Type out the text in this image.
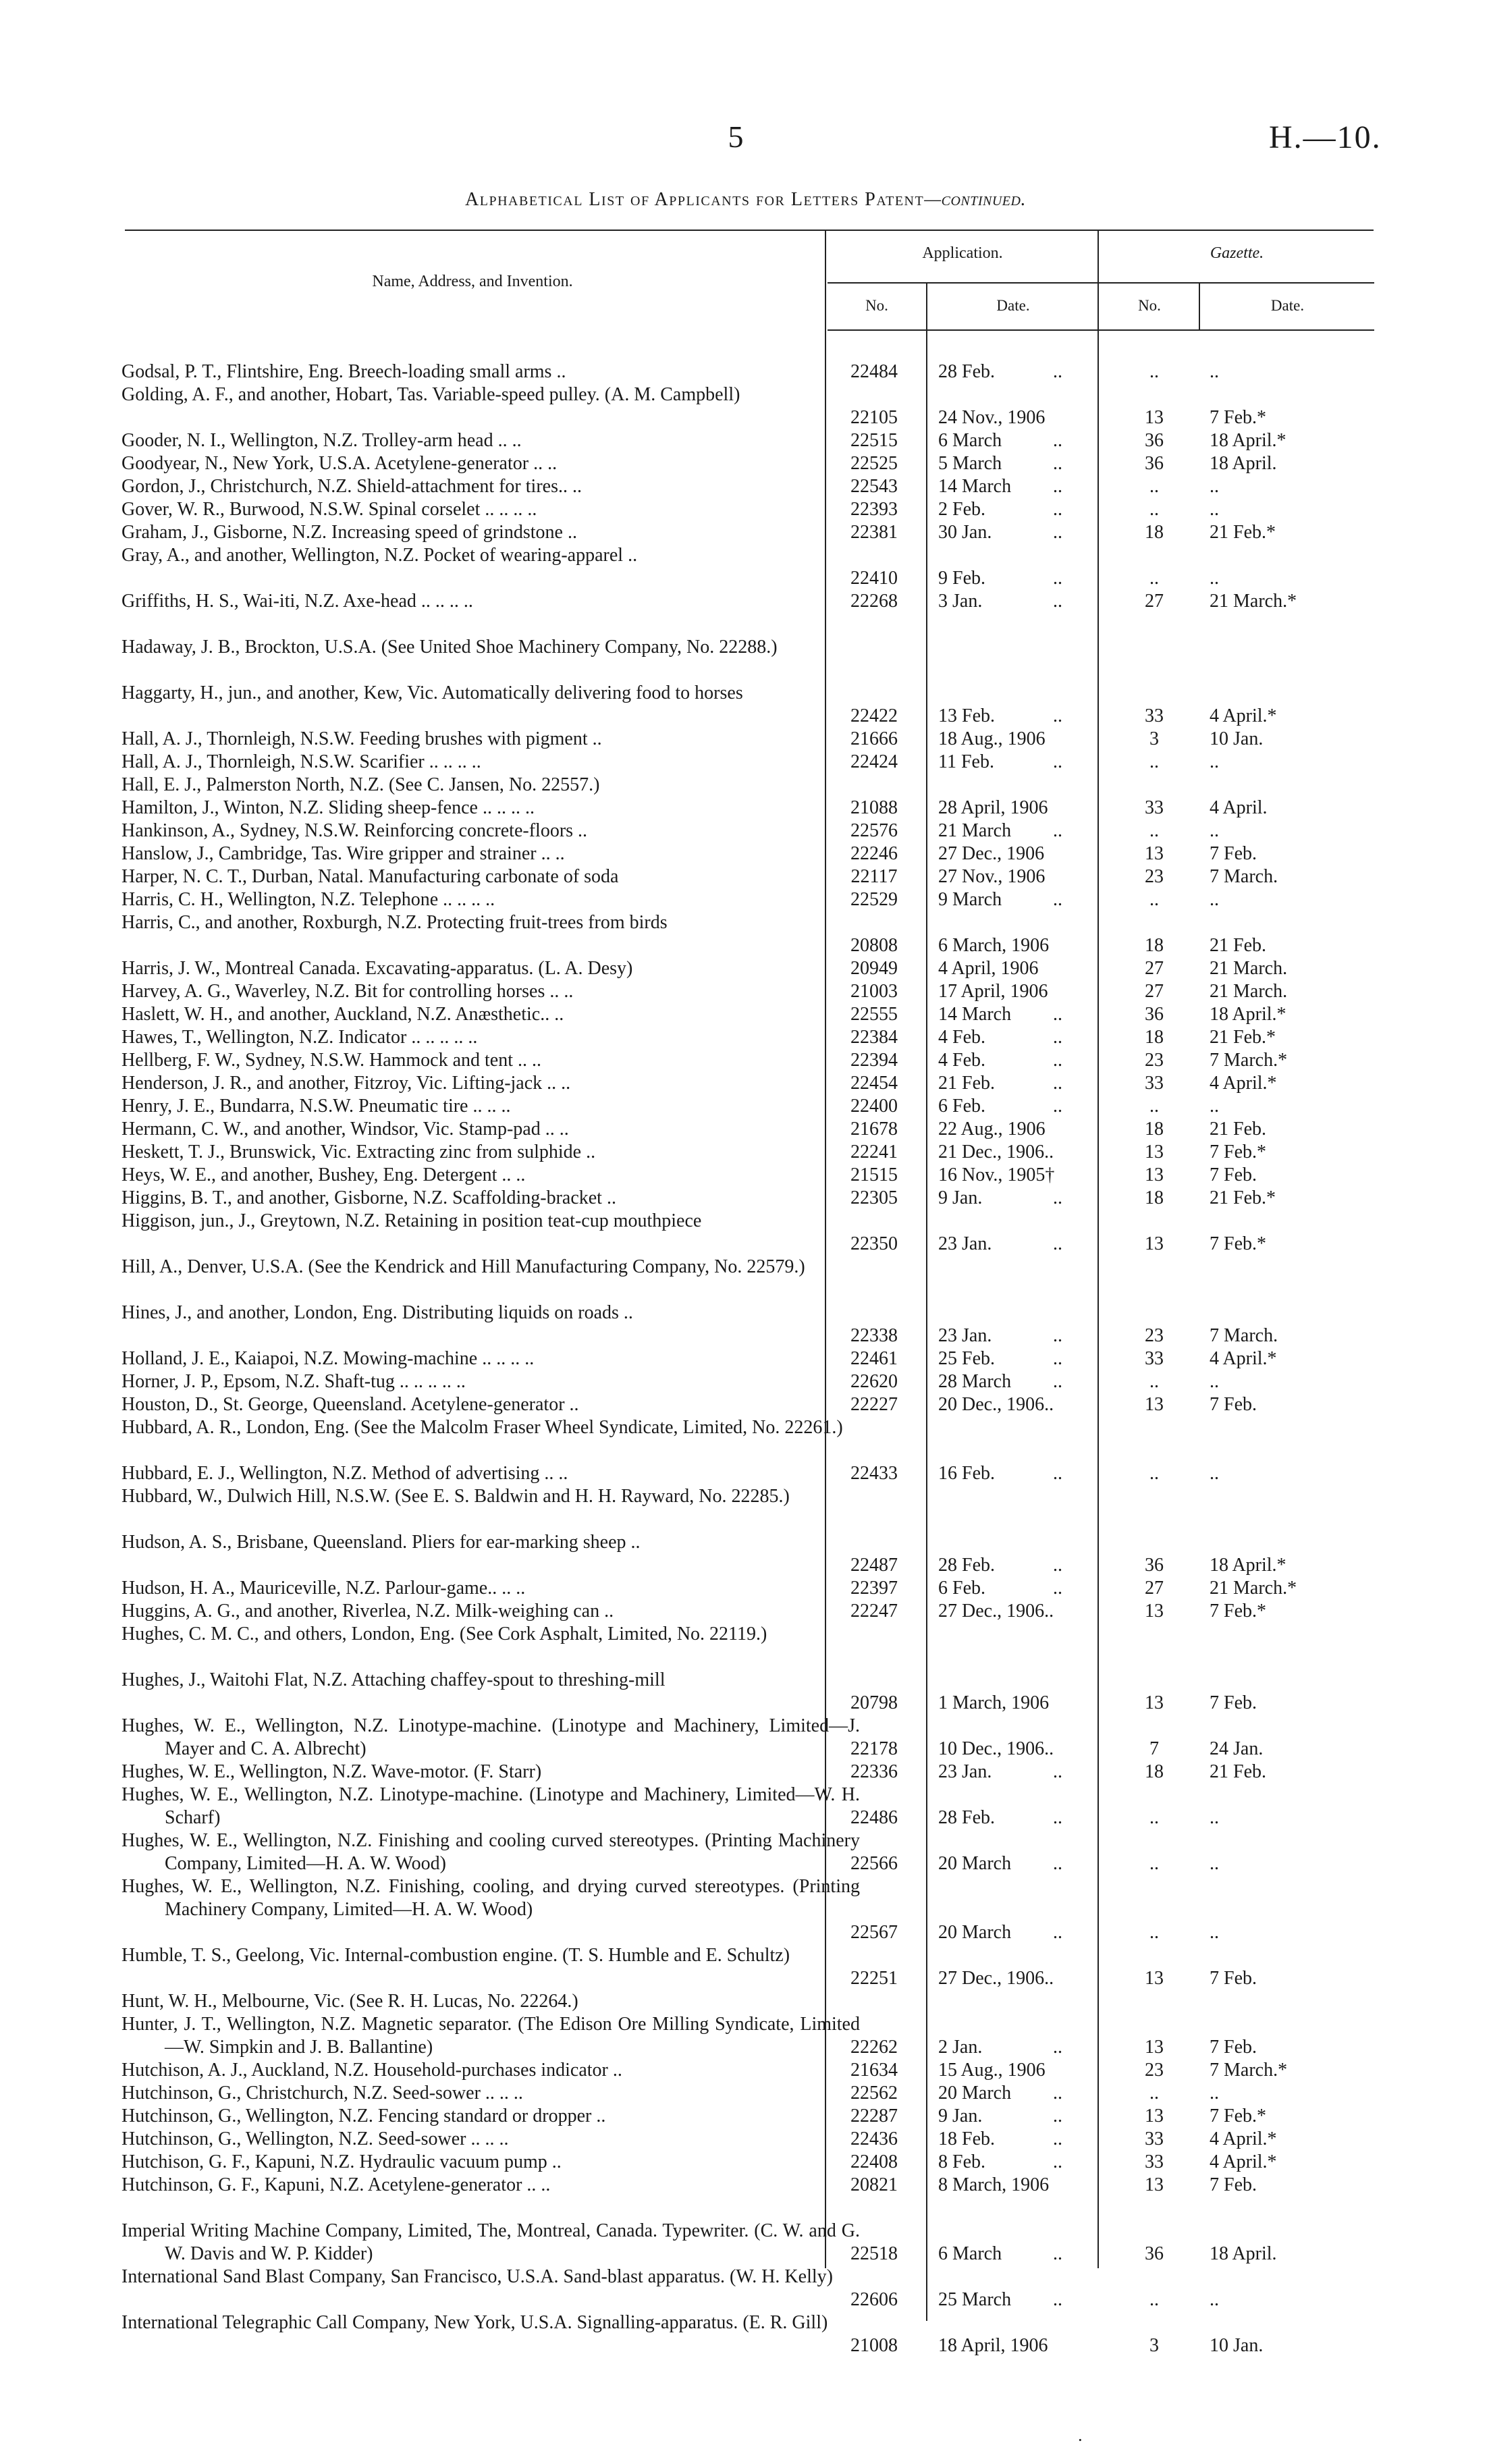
5	H.—10.
Alphabetical List of Applicants for Letters Patent—continued.
Name, Address, and Invention.
Application.	Gazette.
No.	Date.	No.	Date.
Godsal, P. T., Flintshire, Eng. Breech-loading small arms ..	22484	28 Feb.	..	..	..
Golding, A. F., and another, Hobart, Tas. Variable-speed pulley. (A. M. Campbell)
22105	24 Nov., 1906	13	7 Feb.*
Gooder, N. I., Wellington, N.Z. Trolley-arm head .. ..	22515	6 March	..	36	18 April.*
Goodyear, N., New York, U.S.A. Acetylene-generator .. ..	22525	5 March	..	36	18 April.
Gordon, J., Christchurch, N.Z. Shield-attachment for tires.. ..	22543	14 March	..	..	..
Gover, W. R., Burwood, N.S.W. Spinal corselet .. .. .. ..	22393	2 Feb.	..	..	..
Graham, J., Gisborne, N.Z. Increasing speed of grindstone ..	22381	30 Jan.	..	18	21 Feb.*
Gray, A., and another, Wellington, N.Z. Pocket of wearing-apparel ..
22410	9 Feb.	..	..	..
Griffiths, H. S., Wai-iti, N.Z. Axe-head .. .. .. ..	22268	3 Jan.	..	27	21 March.*
Hadaway, J. B., Brockton, U.S.A. (See United Shoe Machinery Company, No. 22288.)
Haggarty, H., jun., and another, Kew, Vic. Automatically delivering food to horses
22422	13 Feb.	..	33	4 April.*
Hall, A. J., Thornleigh, N.S.W. Feeding brushes with pigment ..	21666	18 Aug., 1906	3	10 Jan.
Hall, A. J., Thornleigh, N.S.W. Scarifier .. .. .. ..	22424	11 Feb.	..	..	..
Hall, E. J., Palmerston North, N.Z. (See C. Jansen, No. 22557.)
Hamilton, J., Winton, N.Z. Sliding sheep-fence .. .. .. ..	21088	28 April, 1906	33	4 April.
Hankinson, A., Sydney, N.S.W. Reinforcing concrete-floors ..	22576	21 March	..	..	..
Hanslow, J., Cambridge, Tas. Wire gripper and strainer .. ..	22246	27 Dec., 1906	13	7 Feb.
Harper, N. C. T., Durban, Natal. Manufacturing carbonate of soda	22117	27 Nov., 1906	23	7 March.
Harris, C. H., Wellington, N.Z. Telephone .. .. .. ..	22529	9 March	..	..	..
Harris, C., and another, Roxburgh, N.Z. Protecting fruit-trees from birds
20808	6 March, 1906	18	21 Feb.
Harris, J. W., Montreal Canada. Excavating-apparatus. (L. A. Desy)	20949	4 April, 1906	27	21 March.
Harvey, A. G., Waverley, N.Z. Bit for controlling horses .. ..	21003	17 April, 1906	27	21 March.
Haslett, W. H., and another, Auckland, N.Z. Anæsthetic.. ..	22555	14 March	..	36	18 April.*
Hawes, T., Wellington, N.Z. Indicator .. .. .. .. ..	22384	4 Feb.	..	18	21 Feb.*
Hellberg, F. W., Sydney, N.S.W. Hammock and tent .. ..	22394	4 Feb.	..	23	7 March.*
Henderson, J. R., and another, Fitzroy, Vic. Lifting-jack .. ..	22454	21 Feb.	..	33	4 April.*
Henry, J. E., Bundarra, N.S.W. Pneumatic tire .. .. ..	22400	6 Feb.	..	..	..
Hermann, C. W., and another, Windsor, Vic. Stamp-pad .. ..	21678	22 Aug., 1906	18	21 Feb.
Heskett, T. J., Brunswick, Vic. Extracting zinc from sulphide ..	22241	21 Dec., 1906..	13	7 Feb.*
Heys, W. E., and another, Bushey, Eng. Detergent .. ..	21515	16 Nov., 1905†	13	7 Feb.
Higgins, B. T., and another, Gisborne, N.Z. Scaffolding-bracket ..	22305	9 Jan.	..	18	21 Feb.*
Higgison, jun., J., Greytown, N.Z. Retaining in position teat-cup mouthpiece
22350	23 Jan.	..	13	7 Feb.*
Hill, A., Denver, U.S.A. (See the Kendrick and Hill Manufacturing Company, No. 22579.)
Hines, J., and another, London, Eng. Distributing liquids on roads ..
22338	23 Jan.	..	23	7 March.
Holland, J. E., Kaiapoi, N.Z. Mowing-machine .. .. .. ..	22461	25 Feb.	..	33	4 April.*
Horner, J. P., Epsom, N.Z. Shaft-tug .. .. .. .. ..	22620	28 March	..	..	..
Houston, D., St. George, Queensland. Acetylene-generator ..	22227	20 Dec., 1906..	13	7 Feb.
Hubbard, A. R., London, Eng. (See the Malcolm Fraser Wheel Syndicate, Limited, No. 22261.)
Hubbard, E. J., Wellington, N.Z. Method of advertising .. ..	22433	16 Feb.	..	..	..
Hubbard, W., Dulwich Hill, N.S.W. (See E. S. Baldwin and H. H. Rayward, No. 22285.)
Hudson, A. S., Brisbane, Queensland. Pliers for ear-marking sheep ..
22487	28 Feb.	..	36	18 April.*
Hudson, H. A., Mauriceville, N.Z. Parlour-game.. .. ..	22397	6 Feb.	..	27	21 March.*
Huggins, A. G., and another, Riverlea, N.Z. Milk-weighing can ..	22247	27 Dec., 1906..	13	7 Feb.*
Hughes, C. M. C., and others, London, Eng. (See Cork Asphalt, Limited, No. 22119.)
Hughes, J., Waitohi Flat, N.Z. Attaching chaffey-spout to threshing-mill
20798	1 March, 1906	13	7 Feb.
Hughes, W. E., Wellington, N.Z. Linotype-machine. (Linotype and Machinery, Limited—J. Mayer and C. A. Albrecht)	22178	10 Dec., 1906..	7	24 Jan.
Hughes, W. E., Wellington, N.Z. Wave-motor. (F. Starr)	22336	23 Jan.	..	18	21 Feb.
Hughes, W. E., Wellington, N.Z. Linotype-machine. (Linotype and Machinery, Limited—W. H. Scharf)	22486	28 Feb.	..	..	..
Hughes, W. E., Wellington, N.Z. Finishing and cooling curved stereotypes. (Printing Machinery Company, Limited—H. A. W. Wood)	22566	20 March	..	..	..
Hughes, W. E., Wellington, N.Z. Finishing, cooling, and drying curved stereotypes. (Printing Machinery Company, Limited—H. A. W. Wood)
22567	20 March	..	..	..
Humble, T. S., Geelong, Vic. Internal-combustion engine. (T. S. Humble and E. Schultz)
22251	27 Dec., 1906..	13	7 Feb.
Hunt, W. H., Melbourne, Vic. (See R. H. Lucas, No. 22264.)
Hunter, J. T., Wellington, N.Z. Magnetic separator. (The Edison Ore Milling Syndicate, Limited—W. Simpkin and J. B. Ballantine)	22262	2 Jan.	..	13	7 Feb.
Hutchison, A. J., Auckland, N.Z. Household-purchases indicator ..	21634	15 Aug., 1906	23	7 March.*
Hutchinson, G., Christchurch, N.Z. Seed-sower .. .. ..	22562	20 March	..	..	..
Hutchinson, G., Wellington, N.Z. Fencing standard or dropper ..	22287	9 Jan.	..	13	7 Feb.*
Hutchinson, G., Wellington, N.Z. Seed-sower .. .. ..	22436	18 Feb.	..	33	4 April.*
Hutchison, G. F., Kapuni, N.Z. Hydraulic vacuum pump ..	22408	8 Feb.	..	33	4 April.*
Hutchinson, G. F., Kapuni, N.Z. Acetylene-generator .. ..	20821	8 March, 1906	13	7 Feb.
Imperial Writing Machine Company, Limited, The, Montreal, Canada. Typewriter. (C. W. and G. W. Davis and W. P. Kidder)	22518	6 March	..	36	18 April.
International Sand Blast Company, San Francisco, U.S.A. Sand-blast apparatus. (W. H. Kelly)
22606	25 March	..	..	..
International Telegraphic Call Company, New York, U.S.A. Signalling-apparatus. (E. R. Gill)
21008	18 April, 1906	3	10 Jan.
·
